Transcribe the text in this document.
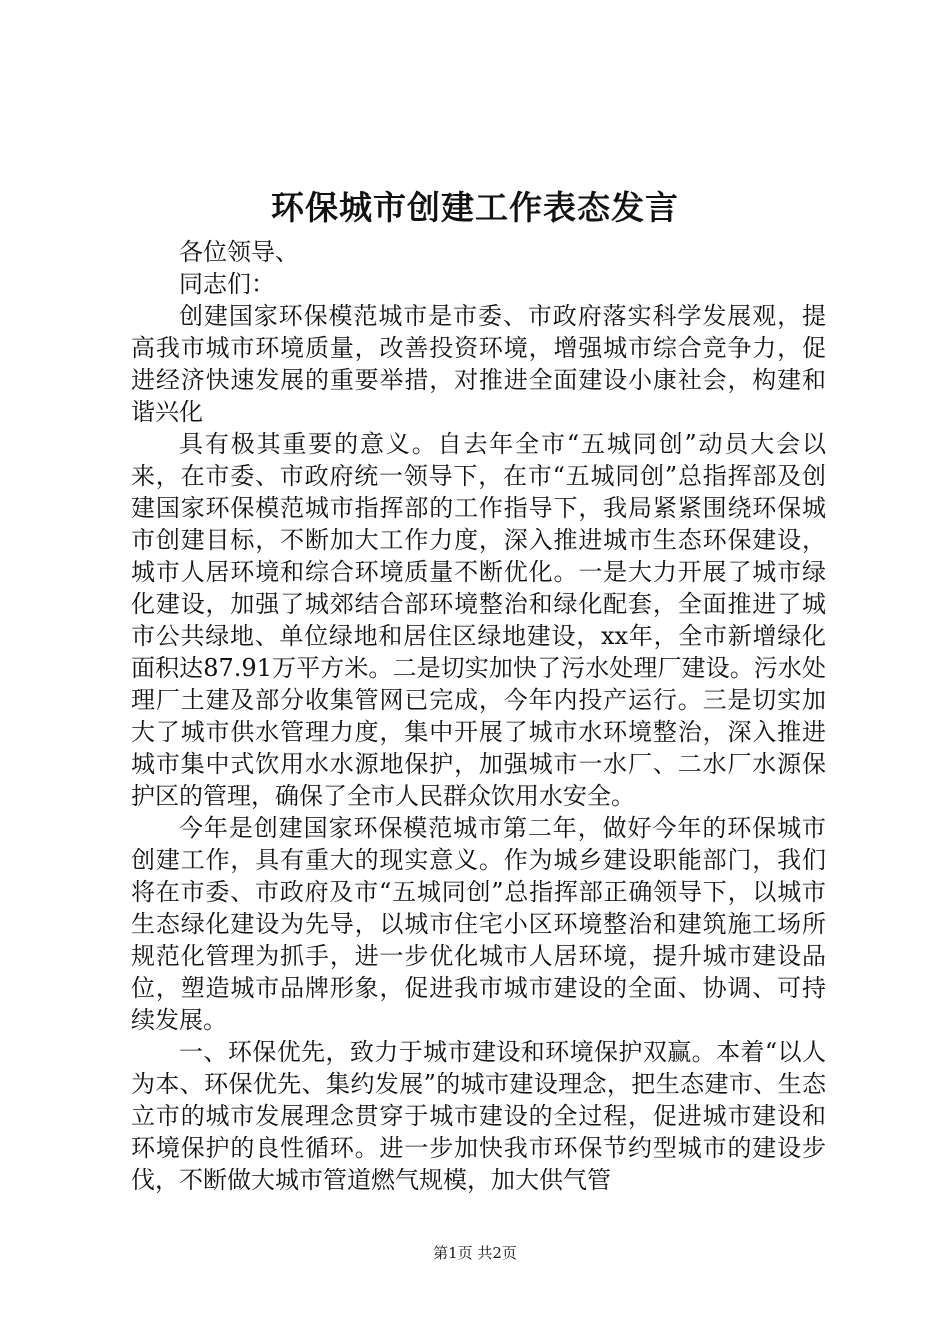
环保城市创建工作表态发言
各位领导、
同志们：

创建国家环保模范城市是市委、市政府落实科学发展观，提高我市城市环境质量，改善投资环境，增强城市综合竞争力，促进经济快速发展的重要举措，对推进全面建设小康社会，构建和谐兴化

具有极其重要的意义。自去年全市“五城同创”动员大会以来，在市委、市政府统一领导下，在市“五城同创”总指挥部及创建国家环保模范城市指挥部的工作指导下，我局紧紧围绕环保城市创建目标，不断加大工作力度，深入推进城市生态环保建设，城市人居环境和综合环境质量不断优化。一是大力开展了城市绿化建设，加强了城郊结合部环境整治和绿化配套，全面推进了城市公共绿地、单位绿地和居住区绿地建设，xx年，全市新增绿化面积达87.91万平方米。二是切实加快了污水处理厂建设。污水处理厂土建及部分收集管网已完成，今年内投产运行。三是切实加大了城市供水管理力度，集中开展了城市水环境整治，深入推进城市集中式饮用水水源地保护，加强城市一水厂、二水厂水源保护区的管理，确保了全市人民群众饮用水安全。

今年是创建国家环保模范城市第二年，做好今年的环保城市创建工作，具有重大的现实意义。作为城乡建设职能部门，我们将在市委、市政府及市“五城同创”总指挥部正确领导下，以城市生态绿化建设为先导，以城市住宅小区环境整治和建筑施工场所规范化管理为抓手，进一步优化城市人居环境，提升城市建设品位，塑造城市品牌形象，促进我市城市建设的全面、协调、可持续发展。

一、环保优先，致力于城市建设和环境保护双赢。本着“以人为本、环保优先、集约发展”的城市建设理念，把生态建市、生态立市的城市发展理念贯穿于城市建设的全过程，促进城市建设和环境保护的良性循环。进一步加快我市环保节约型城市的建设步伐，不断做大城市管道燃气规模，加大供气管

第1页 共2页
